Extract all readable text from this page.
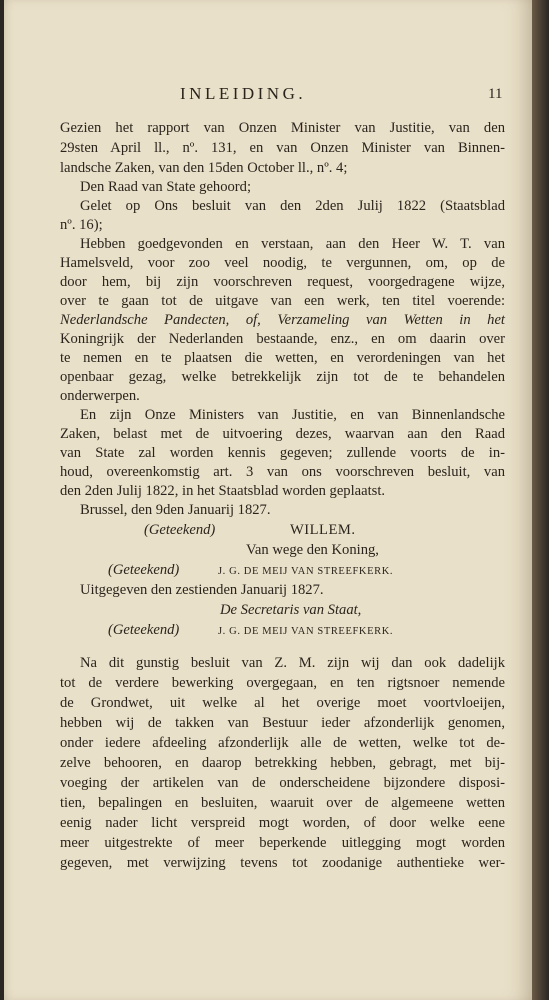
INLEIDING.	11
Gezien het rapport van Onzen Minister van Justitie, van den
29sten April ll., nº. 131, en van Onzen Minister van Binnen-
landsche Zaken, van den 15den October ll., nº. 4;
Den Raad van State gehoord;
Gelet op Ons besluit van den 2den Julij 1822 (Staatsblad
nº. 16);
Hebben goedgevonden en verstaan, aan den Heer W. T. van
Hamelsveld, voor zoo veel noodig, te vergunnen, om, op de
door hem, bij zijn voorschreven request, voorgedragene wijze,
over te gaan tot de uitgave van een werk, ten titel voerende:
Nederlandsche Pandecten, of, Verzameling van Wetten in het
Koningrijk der Nederlanden bestaande, enz., en om daarin over
te nemen en te plaatsen die wetten, en verordeningen van het
openbaar gezag, welke betrekkelijk zijn tot de te behandelen
onderwerpen.
En zijn Onze Ministers van Justitie, en van Binnenlandsche
Zaken, belast met de uitvoering dezes, waarvan aan den Raad
van State zal worden kennis gegeven; zullende voorts de in-
houd, overeenkomstig art. 3 van ons voorschreven besluit, van
den 2den Julij 1822, in het Staatsblad worden geplaatst.
Brussel, den 9den Januarij 1827.
(Geteekend)	WILLEM.
Van wege den Koning,
(Geteekend)	J. G. DE MEIJ VAN STREEFKERK.
Uitgegeven den zestienden Januarij 1827.
De Secretaris van Staat,
(Geteekend)	J. G. DE MEIJ VAN STREEFKERK.
Na dit gunstig besluit van Z. M. zijn wij dan ook dadelijk
tot de verdere bewerking overgegaan, en ten rigtsnoer nemende
de Grondwet, uit welke al het overige moet voortvloeijen,
hebben wij de takken van Bestuur ieder afzonderlijk genomen,
onder iedere afdeeling afzonderlijk alle de wetten, welke tot de-
zelve behooren, en daarop betrekking hebben, gebragt, met bij-
voeging der artikelen van de onderscheidene bijzondere disposi-
tien, bepalingen en besluiten, waaruit over de algemeene wetten
eenig nader licht verspreid mogt worden, of door welke eene
meer uitgestrekte of meer beperkende uitlegging mogt worden
gegeven, met verwijzing tevens tot zoodanige authentieke wer-
